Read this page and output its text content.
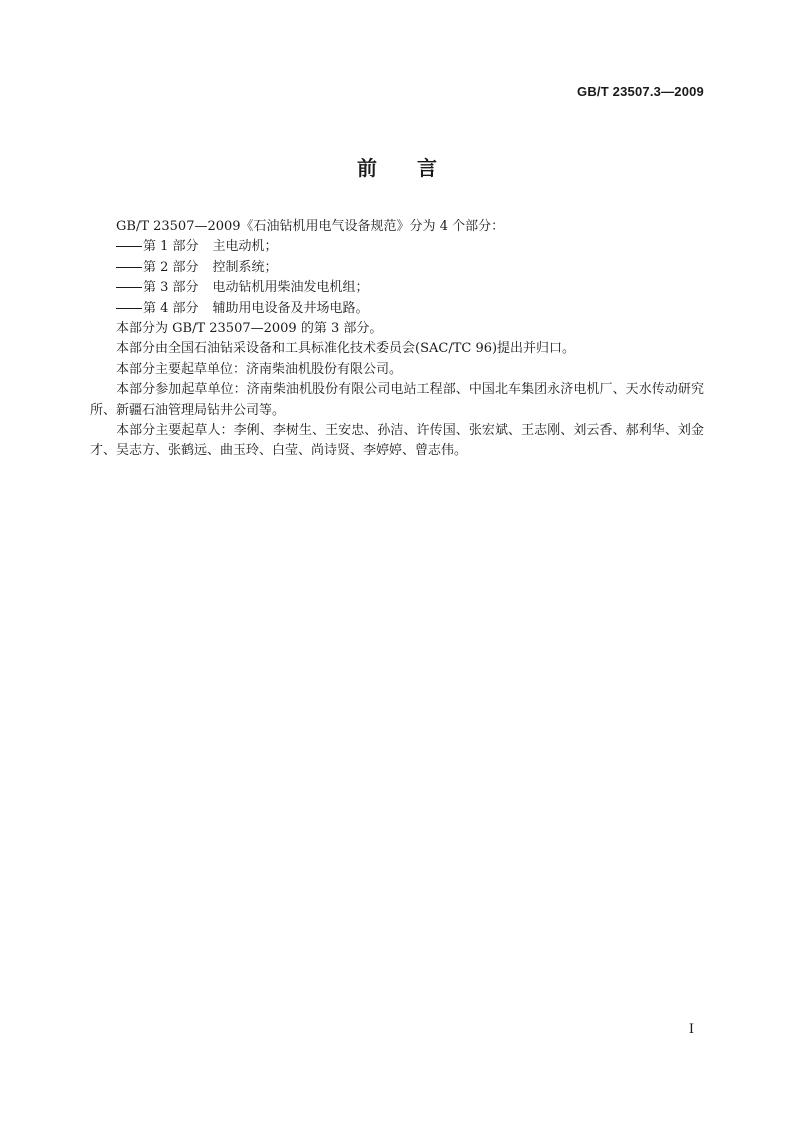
GB/T 23507.3—2009
前言

GB/T 23507—2009《石油钻机用电气设备规范》分为 4 个部分：

第 1 部分 主电动机；

第 2 部分 控制系统；

第 3 部分 电动钻机用柴油发电机组；

第 4 部分 辅助用电设备及井场电路。

本部分为 GB/T 23507—2009 的第 3 部分。

本部分由全国石油钻采设备和工具标准化技术委员会(SAC/TC 96)提出并归口。

本部分主要起草单位：济南柴油机股份有限公司。

本部分参加起草单位：济南柴油机股份有限公司电站工程部、中国北车集团永济电机厂、天水传动研究所、新疆石油管理局钻井公司等。

本部分主要起草人：李俐、李树生、王安忠、孙洁、许传国、张宏斌、王志刚、刘云香、郝利华、刘金才、吴志方、张鹤远、曲玉玲、白莹、尚诗贤、李婷婷、曾志伟。

I
